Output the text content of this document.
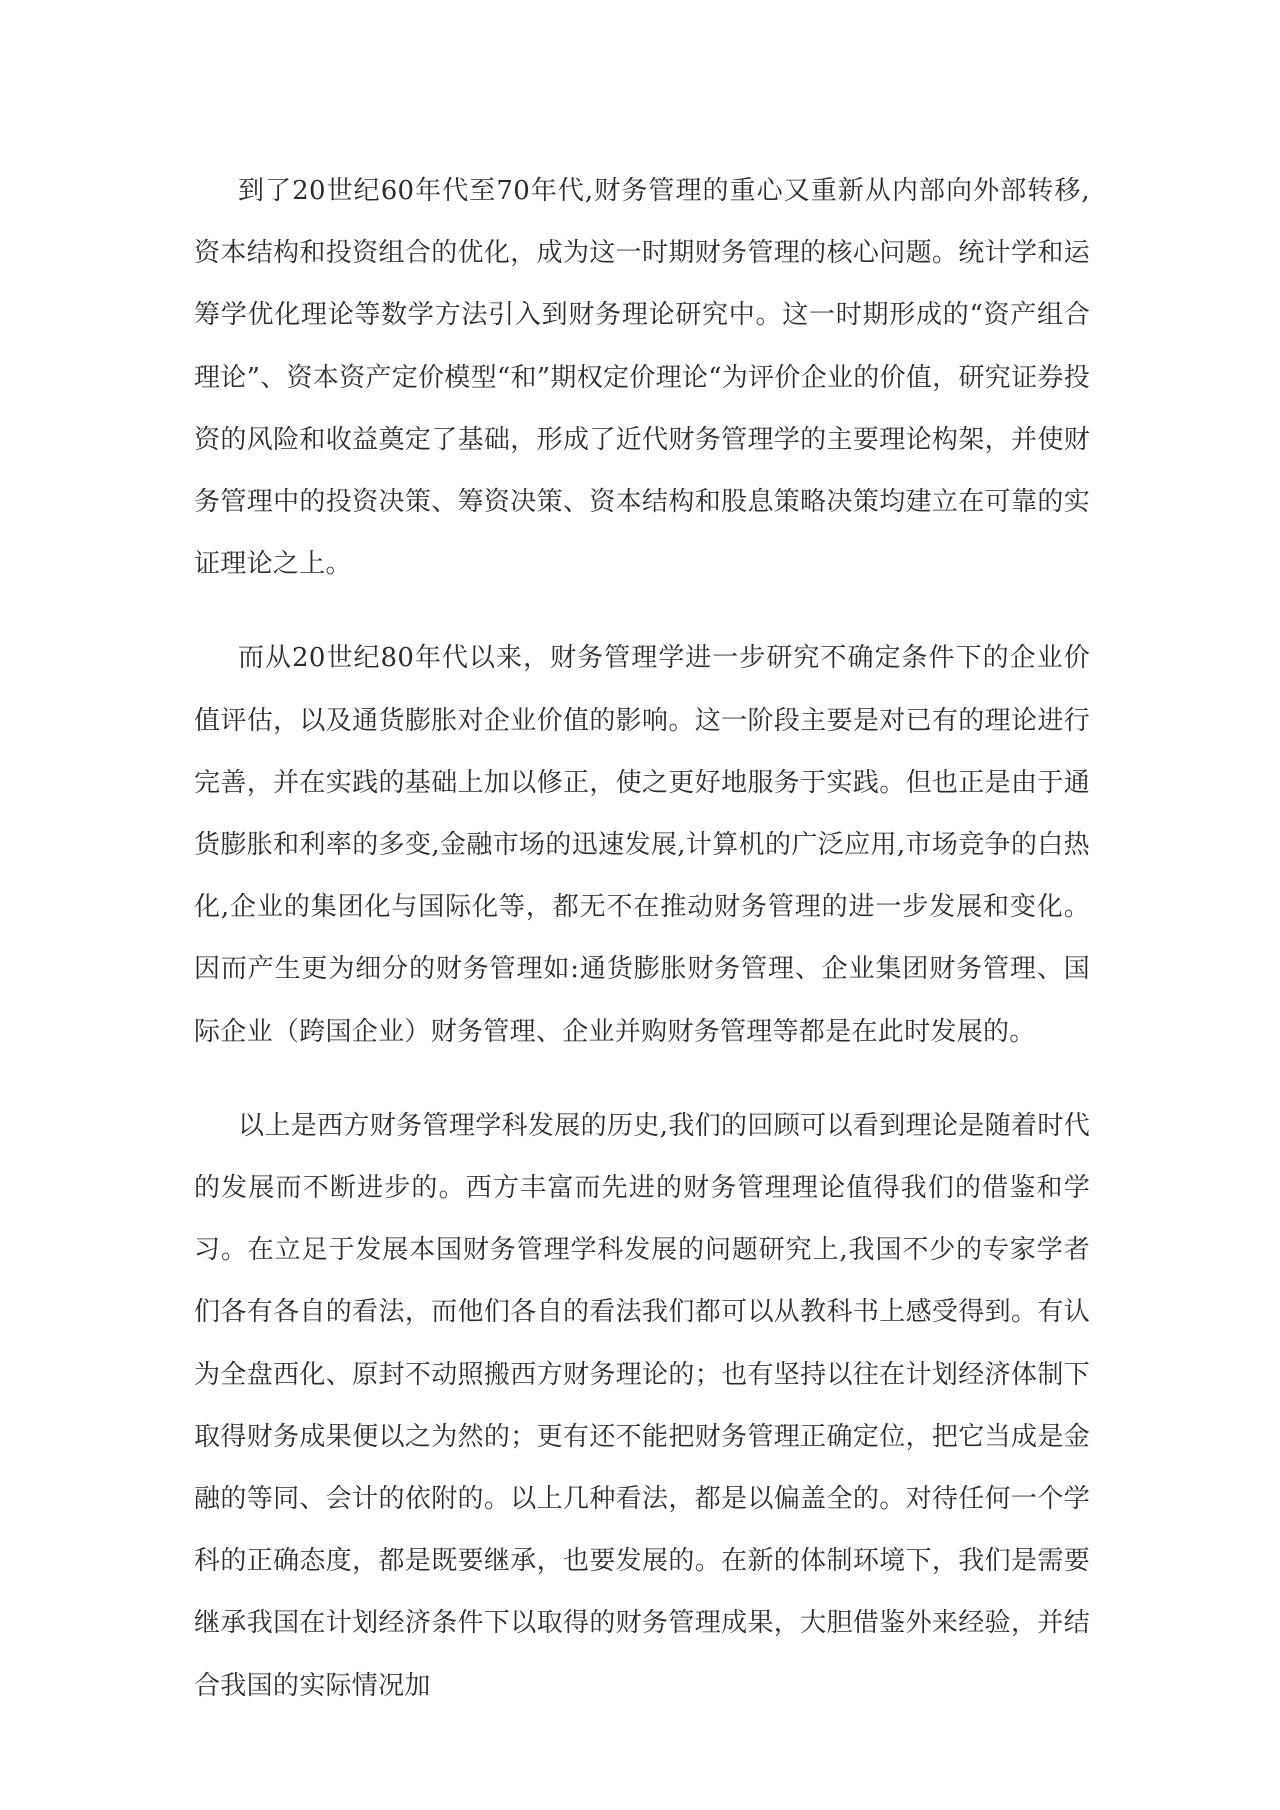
到了20世纪60年代至70年代,财务管理的重心又重新从内部向外部转移,资本结构和投资组合的优化，成为这一时期财务管理的核心问题。统计学和运筹学优化理论等数学方法引入到财务理论研究中。这一时期形成的“资产组合理论”、资本资产定价模型“和”期权定价理论“为评价企业的价值，研究证券投资的风险和收益奠定了基础，形成了近代财务管理学的主要理论构架，并使财务管理中的投资决策、筹资决策、资本结构和股息策略决策均建立在可靠的实证理论之上。

而从20世纪80年代以来，财务管理学进一步研究不确定条件下的企业价值评估，以及通货膨胀对企业价值的影响。这一阶段主要是对已有的理论进行完善，并在实践的基础上加以修正，使之更好地服务于实践。但也正是由于通货膨胀和利率的多变,金融市场的迅速发展,计算机的广泛应用,市场竞争的白热化,企业的集团化与国际化等，都无不在推动财务管理的进一步发展和变化。因而产生更为细分的财务管理如:通货膨胀财务管理、企业集团财务管理、国际企业（跨国企业）财务管理、企业并购财务管理等都是在此时发展的。

以上是西方财务管理学科发展的历史,我们的回顾可以看到理论是随着时代的发展而不断进步的。西方丰富而先进的财务管理理论值得我们的借鉴和学习。在立足于发展本国财务管理学科发展的问题研究上,我国不少的专家学者们各有各自的看法，而他们各自的看法我们都可以从教科书上感受得到。有认为全盘西化、原封不动照搬西方财务理论的；也有坚持以往在计划经济体制下取得财务成果便以之为然的；更有还不能把财务管理正确定位，把它当成是金融的等同、会计的依附的。以上几种看法，都是以偏盖全的。对待任何一个学科的正确态度，都是既要继承，也要发展的。在新的体制环境下，我们是需要继承我国在计划经济条件下以取得的财务管理成果，大胆借鉴外来经验，并结合我国的实际情况加
